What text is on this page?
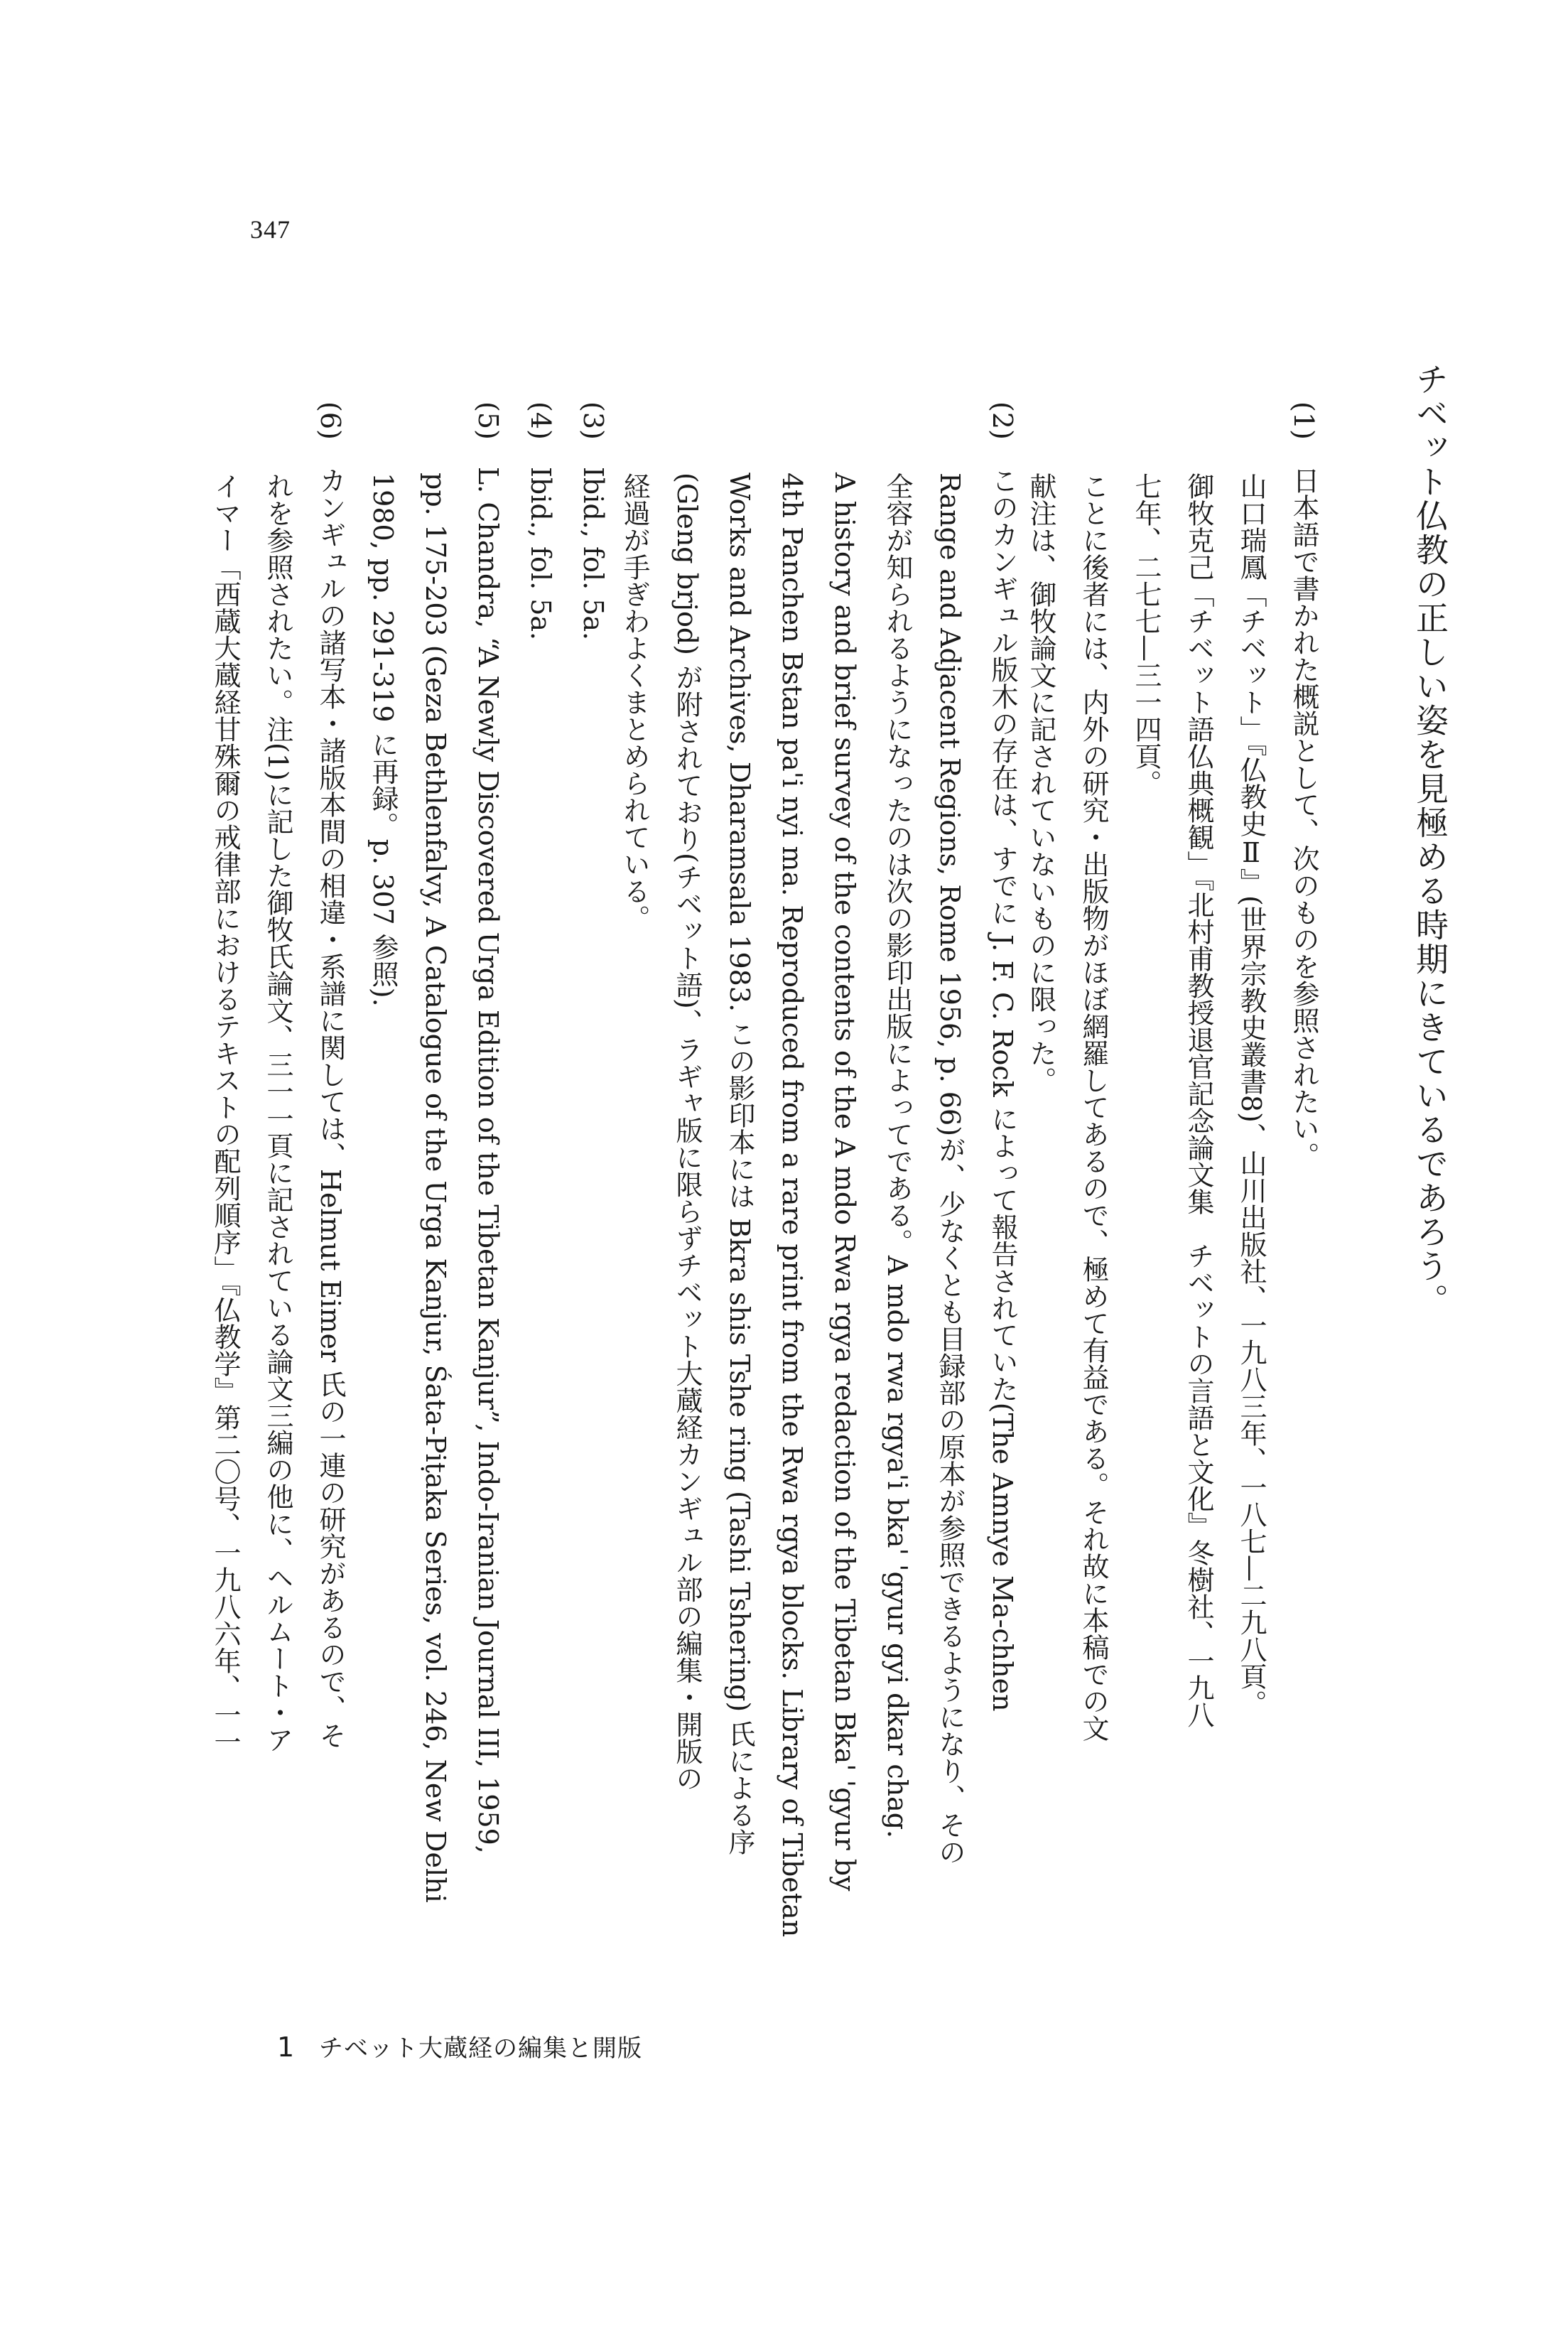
347
チベット仏教の正しい姿を見極める時期にきているであろう。
(1) 日本語で書かれた概説として、次のものを参照されたい。
山口瑞鳳「チベット」『仏教史Ⅱ』(世界宗教史叢書8)、山川出版社、一九八三年、一八七—二九八頁。
御牧克己「チベット語仏典概観」『北村甫教授退官記念論文集　チベットの言語と文化』冬樹社、一九八
七年、二七七—三一四頁。
ことに後者には、内外の研究・出版物がほぼ網羅してあるので、極めて有益である。それ故に本稿での文
献注は、御牧論文に記されていないものに限った。
(2) このカンギュル版木の存在は、すでに J. F. C. Rock によって報告されていた(The Amnye Ma-chhen
Range and Adjacent Regions, Rome 1956, p. 66)が、少なくとも目録部の原本が参照できるようになり、その
全容が知られるようになったのは次の影印出版によってである。A mdo rwa rgya'i bka' 'gyur gyi dkar chag.
A history and brief survey of the contents of the A mdo Rwa rgya redaction of the Tibetan Bka' 'gyur by
4th Panchen Bstan pa'i nyi ma. Reproduced from a rare print from the Rwa rgya blocks. Library of Tibetan
Works and Archives, Dharamsala 1983. この影印本には Bkra shis Tshe ring (Tashi Tshering) 氏による序
(Gleng brjod) が附されており(チベット語)、ラギャ版に限らずチベット大蔵経カンギュル部の編集・開版の
経過が手ぎわよくまとめられている。
(3) Ibid., fol. 5a.
(4) Ibid., fol. 5a.
(5) L. Chandra, “A Newly Discovered Urga Edition of the Tibetan Kanjur”, Indo-Iranian Journal III, 1959,
pp. 175-203 (Geza Bethlenfalvy, A Catalogue of the Urga Kanjur, Śata-Piṭaka Series, vol. 246, New Delhi
1980, pp. 291-319 に再録。p. 307 参照).
(6) カンギュルの諸写本・諸版本間の相違・系譜に関しては、Helmut Eimer 氏の一連の研究があるので、そ
れを参照されたい。注(1)に記した御牧氏論文、三一一頁に記されている論文三編の他に、ヘルムート・ア
イマー「西蔵大蔵経甘殊爾の戒律部におけるテキストの配列順序」『仏教学』第二〇号、一九八六年、一一
1 チベット大蔵経の編集と開版
